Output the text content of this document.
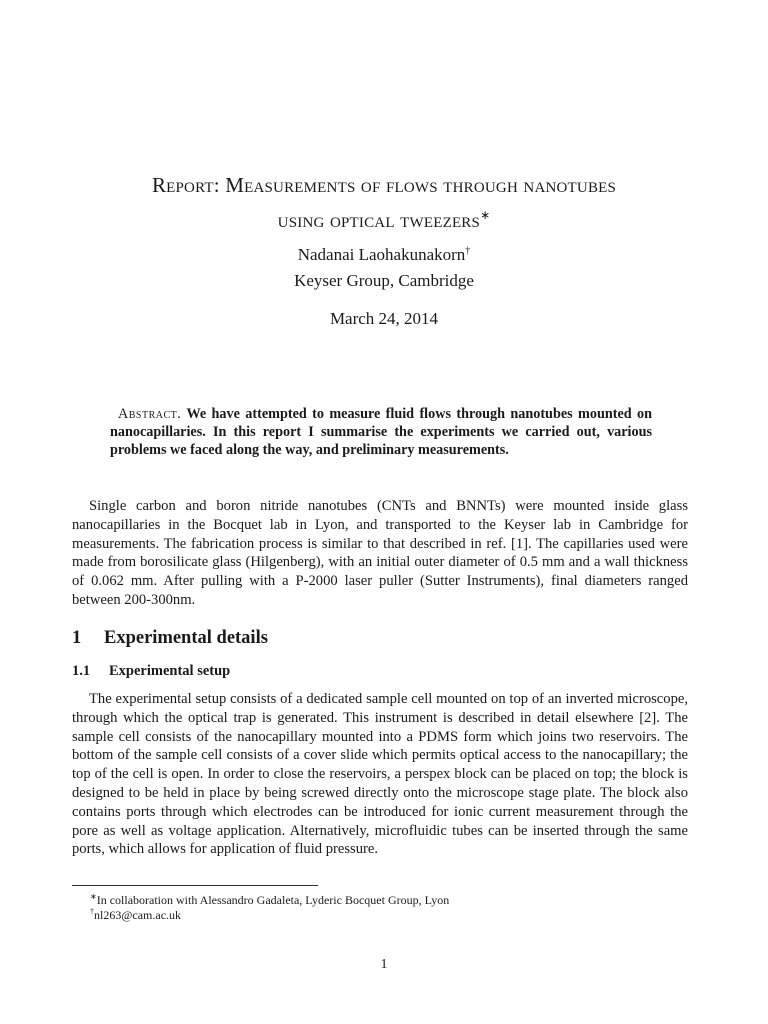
Report: Measurements of flows through nanotubes
using optical tweezers∗
Nadanai Laohakunakorn†
Keyser Group, Cambridge
March 24, 2014
Abstract. We have attempted to measure fluid flows through nanotubes mounted on nanocapillaries. In this report I summarise the experiments we carried out, various problems we faced along the way, and preliminary measurements.
Single carbon and boron nitride nanotubes (CNTs and BNNTs) were mounted inside glass nanocapillaries in the Bocquet lab in Lyon, and transported to the Keyser lab in Cambridge for measurements. The fabrication process is similar to that described in ref. [1]. The capillaries used were made from borosilicate glass (Hilgenberg), with an initial outer diameter of 0.5 mm and a wall thickness of 0.062 mm. After pulling with a P-2000 laser puller (Sutter Instruments), final diameters ranged between 200-300nm.
1 Experimental details
1.1 Experimental setup
The experimental setup consists of a dedicated sample cell mounted on top of an inverted microscope, through which the optical trap is generated. This instrument is described in detail elsewhere [2]. The sample cell consists of the nanocapillary mounted into a PDMS form which joins two reservoirs. The bottom of the sample cell consists of a cover slide which permits optical access to the nanocapillary; the top of the cell is open. In order to close the reservoirs, a perspex block can be placed on top; the block is designed to be held in place by being screwed directly onto the microscope stage plate. The block also contains ports through which electrodes can be introduced for ionic current measurement through the pore as well as voltage application. Alternatively, microfluidic tubes can be inserted through the same ports, which allows for application of fluid pressure.
∗In collaboration with Alessandro Gadaleta, Lyderic Bocquet Group, Lyon
†nl263@cam.ac.uk
1
